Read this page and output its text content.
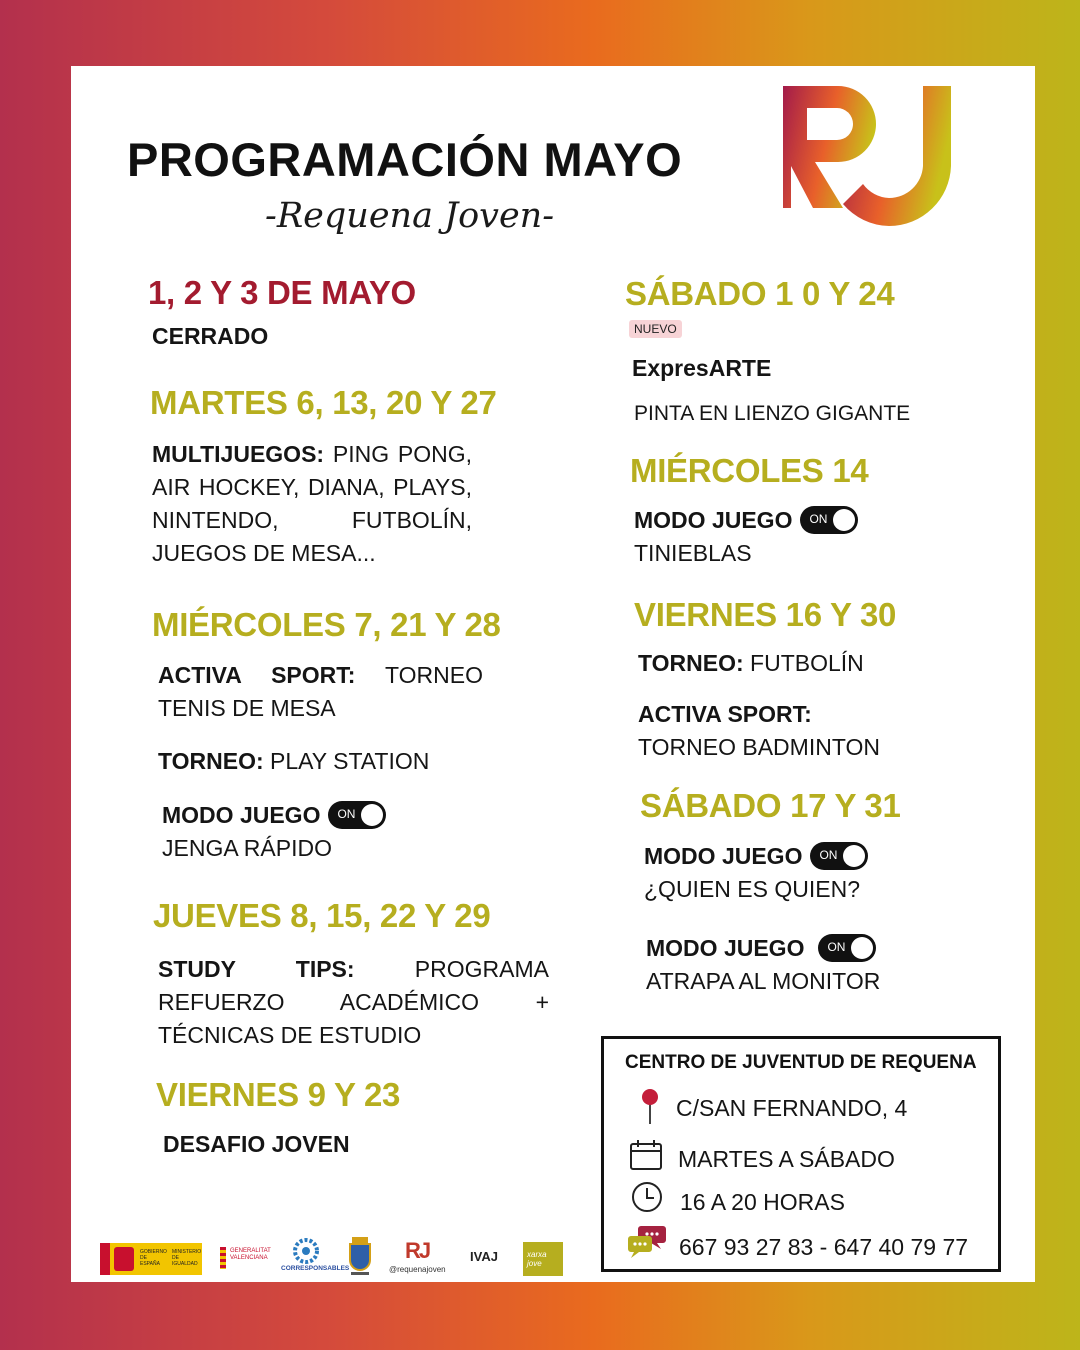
PROGRAMACIÓN MAYO
-Requena Joven-
1, 2 Y 3 DE MAYO
CERRADO
MARTES 6, 13, 20 Y 27
MULTIJUEGOS: PING PONG, AIR HOCKEY, DIANA, PLAYS, NINTENDO, FUTBOLÍN, JUEGOS DE MESA...
MIÉRCOLES 7, 21 Y 28
ACTIVA SPORT: TORNEO TENIS DE MESA
TORNEO: PLAY STATION
MODO JUEGO ON
JENGA RÁPIDO
JUEVES 8, 15, 22 Y 29
STUDY TIPS: PROGRAMA REFUERZO ACADÉMICO + TÉCNICAS DE ESTUDIO
VIERNES 9 Y 23
DESAFIO JOVEN
SÁBADO 1 0 Y 24
NUEVO
ExpresARTE
PINTA EN LIENZO GIGANTE
MIÉRCOLES 14
MODO JUEGO ON
TINIEBLAS
VIERNES 16 Y 30
TORNEO: FUTBOLÍN
ACTIVA SPORT:
TORNEO BADMINTON
SÁBADO 17 Y 31
MODO JUEGO ON
¿QUIEN ES QUIEN?
MODO JUEGO ON
ATRAPA AL MONITOR
CENTRO DE JUVENTUD DE REQUENA
C/SAN FERNANDO, 4
MARTES A SÁBADO
16 A 20 HORAS
667 93 27 83 - 647 40 79 77
GOBIERNO DE ESPAÑA
MINISTERIO DE IGUALDAD
GENERALITAT VALENCIANA
CORRESPONSABLES
RJ
@requenajoven
IVAJ	xarxa jove
